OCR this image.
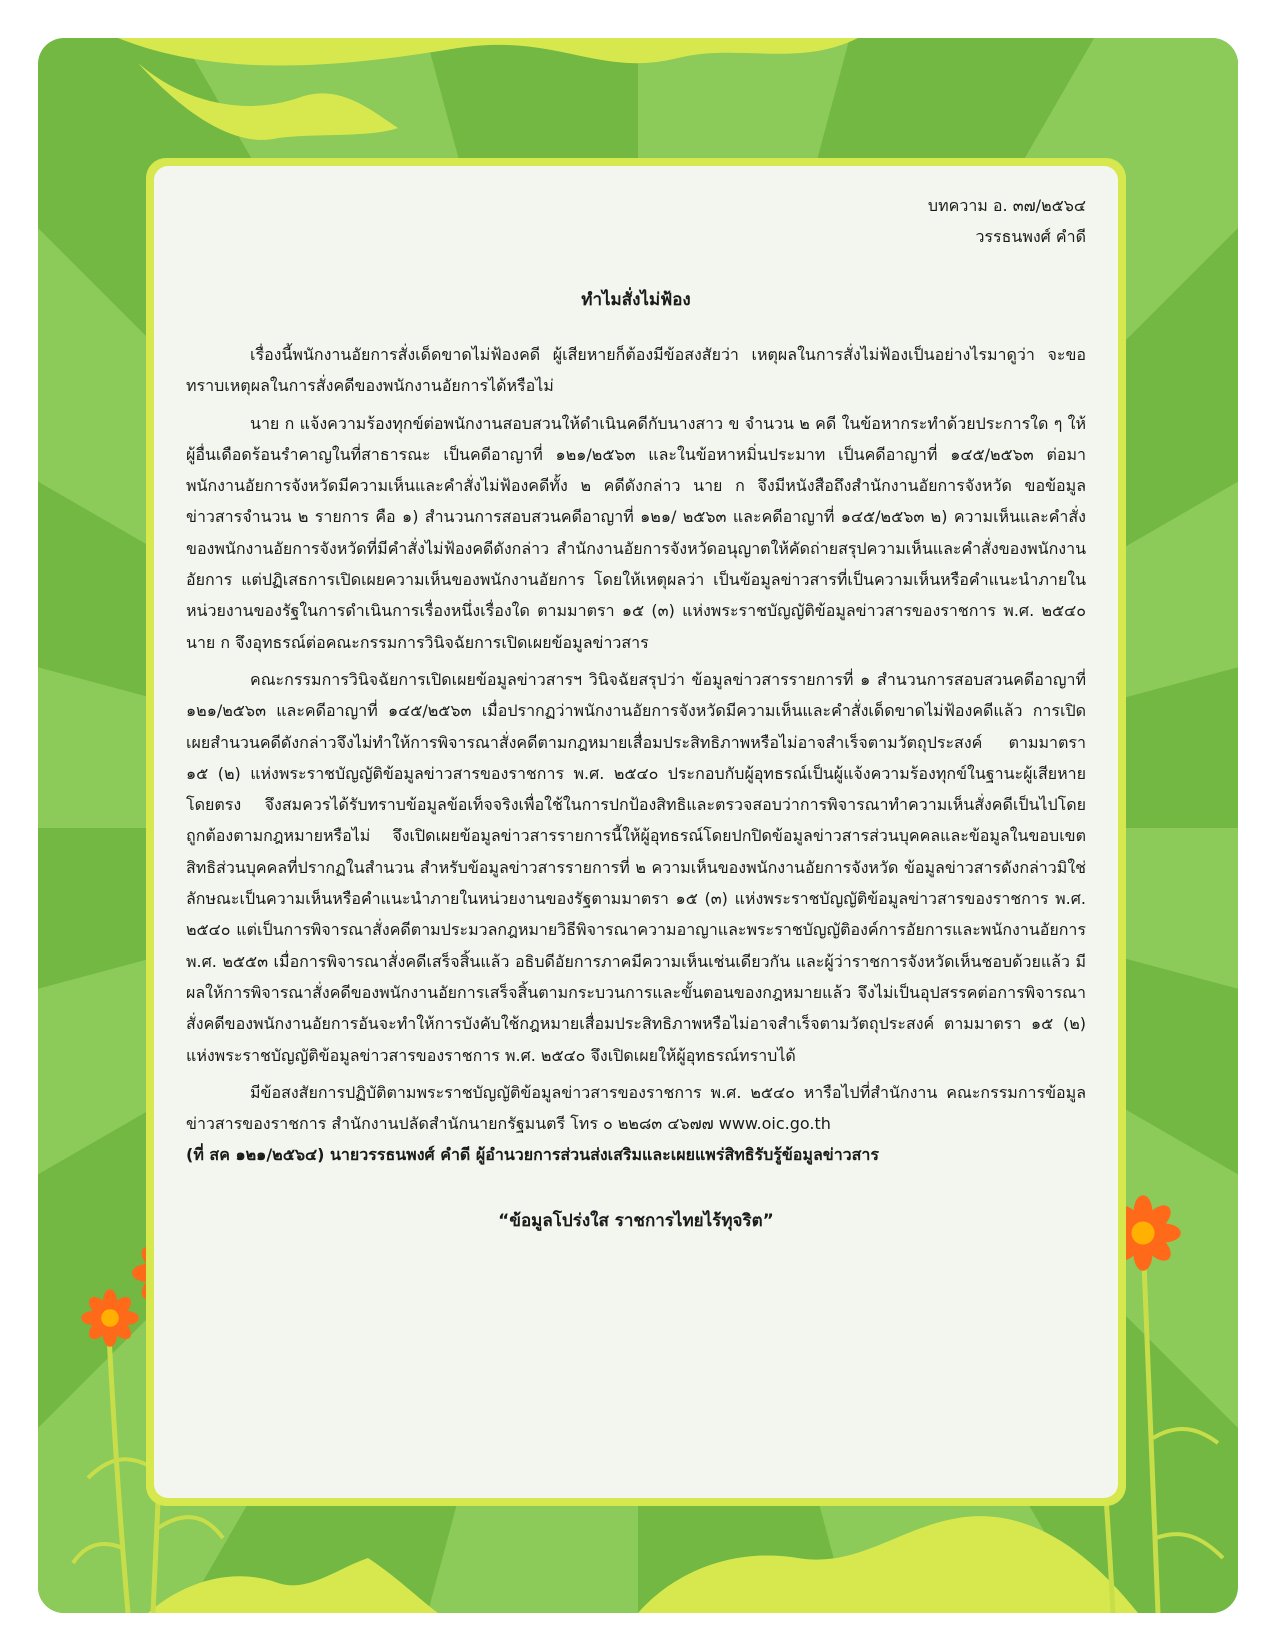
บทความ อ. ๓๗/๒๕๖๔
วรรธนพงศ์ คำดี
ทำไมสั่งไม่ฟ้อง

เรื่องนี้พนักงานอัยการสั่งเด็ดขาดไม่ฟ้องคดี ผู้เสียหายก็ต้องมีข้อสงสัยว่า เหตุผลในการสั่งไม่ฟ้องเป็นอย่างไรมาดูว่า จะขอทราบเหตุผลในการสั่งคดีของพนักงานอัยการได้หรือไม่

นาย ก แจ้งความร้องทุกข์ต่อพนักงานสอบสวนให้ดำเนินคดีกับนางสาว ข จำนวน ๒ คดี ในข้อหากระทำด้วยประการใด ๆ ให้ผู้อื่นเดือดร้อนรำคาญในที่สาธารณะ เป็นคดีอาญาที่ ๑๒๑/๒๕๖๓ และในข้อหาหมิ่นประมาท เป็นคดีอาญาที่ ๑๔๕/๒๕๖๓ ต่อมาพนักงานอัยการจังหวัดมีความเห็นและคำสั่งไม่ฟ้องคดีทั้ง ๒ คดีดังกล่าว นาย ก จึงมีหนังสือถึงสำนักงานอัยการจังหวัด ขอข้อมูลข่าวสารจำนวน ๒ รายการ คือ ๑) สำนวนการสอบสวนคดีอาญาที่ ๑๒๑/ ๒๕๖๓ และคดีอาญาที่ ๑๔๕/๒๕๖๓ ๒) ความเห็นและคำสั่งของพนักงานอัยการจังหวัดที่มีคำสั่งไม่ฟ้องคดีดังกล่าว สำนักงานอัยการจังหวัดอนุญาตให้คัดถ่ายสรุปความเห็นและคำสั่งของพนักงานอัยการ แต่ปฏิเสธการเปิดเผยความเห็นของพนักงานอัยการ โดยให้เหตุผลว่า เป็นข้อมูลข่าวสารที่เป็นความเห็นหรือคำแนะนำภายในหน่วยงานของรัฐในการดำเนินการเรื่องหนึ่งเรื่องใด ตามมาตรา ๑๕ (๓) แห่งพระราชบัญญัติข้อมูลข่าวสารของราชการ พ.ศ. ๒๕๔๐ นาย ก จึงอุทธรณ์ต่อคณะกรรมการวินิจฉัยการเปิดเผยข้อมูลข่าวสาร

คณะกรรมการวินิจฉัยการเปิดเผยข้อมูลข่าวสารฯ วินิจฉัยสรุปว่า ข้อมูลข่าวสารรายการที่ ๑ สำนวนการสอบสวนคดีอาญาที่ ๑๒๑/๒๕๖๓ และคดีอาญาที่ ๑๔๕/๒๕๖๓ เมื่อปรากฏว่าพนักงานอัยการจังหวัดมีความเห็นและคำสั่งเด็ดขาดไม่ฟ้องคดีแล้ว การเปิดเผยสำนวนคดีดังกล่าวจึงไม่ทำให้การพิจารณาสั่งคดีตามกฎหมายเสื่อมประสิทธิภาพหรือไม่อาจสำเร็จตามวัตถุประสงค์ ตามมาตรา ๑๕ (๒) แห่งพระราชบัญญัติข้อมูลข่าวสารของราชการ พ.ศ. ๒๕๔๐ ประกอบกับผู้อุทธรณ์เป็นผู้แจ้งความร้องทุกข์ในฐานะผู้เสียหายโดยตรง จึงสมควรได้รับทราบข้อมูลข้อเท็จจริงเพื่อใช้ในการปกป้องสิทธิและตรวจสอบว่าการพิจารณาทำความเห็นสั่งคดีเป็นไปโดยถูกต้องตามกฎหมายหรือไม่ จึงเปิดเผยข้อมูลข่าวสารรายการนี้ให้ผู้อุทธรณ์โดยปกปิดข้อมูลข่าวสารส่วนบุคคลและข้อมูลในขอบเขต สิทธิส่วนบุคคลที่ปรากฏในสำนวน สำหรับข้อมูลข่าวสารรายการที่ ๒ ความเห็นของพนักงานอัยการจังหวัด ข้อมูลข่าวสารดังกล่าวมิใช่ลักษณะเป็นความเห็นหรือคำแนะนำภายในหน่วยงานของรัฐตามมาตรา ๑๕ (๓) แห่งพระราชบัญญัติข้อมูลข่าวสารของราชการ พ.ศ. ๒๕๔๐ แต่เป็นการพิจารณาสั่งคดีตามประมวลกฎหมายวิธีพิจารณาความอาญาและพระราชบัญญัติองค์การอัยการและพนักงานอัยการ พ.ศ. ๒๕๕๓ เมื่อการพิจารณาสั่งคดีเสร็จสิ้นแล้ว อธิบดีอัยการภาคมีความเห็นเช่นเดียวกัน และผู้ว่าราชการจังหวัดเห็นชอบด้วยแล้ว มีผลให้การพิจารณาสั่งคดีของพนักงานอัยการเสร็จสิ้นตามกระบวนการและขั้นตอนของกฎหมายแล้ว จึงไม่เป็นอุปสรรคต่อการพิจารณาสั่งคดีของพนักงานอัยการอันจะทำให้การบังคับใช้กฎหมายเสื่อมประสิทธิภาพหรือไม่อาจสำเร็จตามวัตถุประสงค์ ตามมาตรา ๑๕ (๒) แห่งพระราชบัญญัติข้อมูลข่าวสารของราชการ พ.ศ. ๒๕๔๐ จึงเปิดเผยให้ผู้อุทธรณ์ทราบได้

มีข้อสงสัยการปฏิบัติตามพระราชบัญญัติข้อมูลข่าวสารของราชการ พ.ศ. ๒๕๔๐ หารือไปที่สำนักงาน คณะกรรมการข้อมูลข่าวสารของราชการ สำนักงานปลัดสำนักนายกรัฐมนตรี โทร ๐ ๒๒๘๓ ๔๖๗๗ www.oic.go.th

(ที่ สค ๑๒๑/๒๕๖๔) นายวรรธนพงศ์ คำดี ผู้อำนวยการส่วนส่งเสริมและเผยแพร่สิทธิรับรู้ข้อมูลข่าวสาร

“ข้อมูลโปร่งใส ราชการไทยไร้ทุจริต”
